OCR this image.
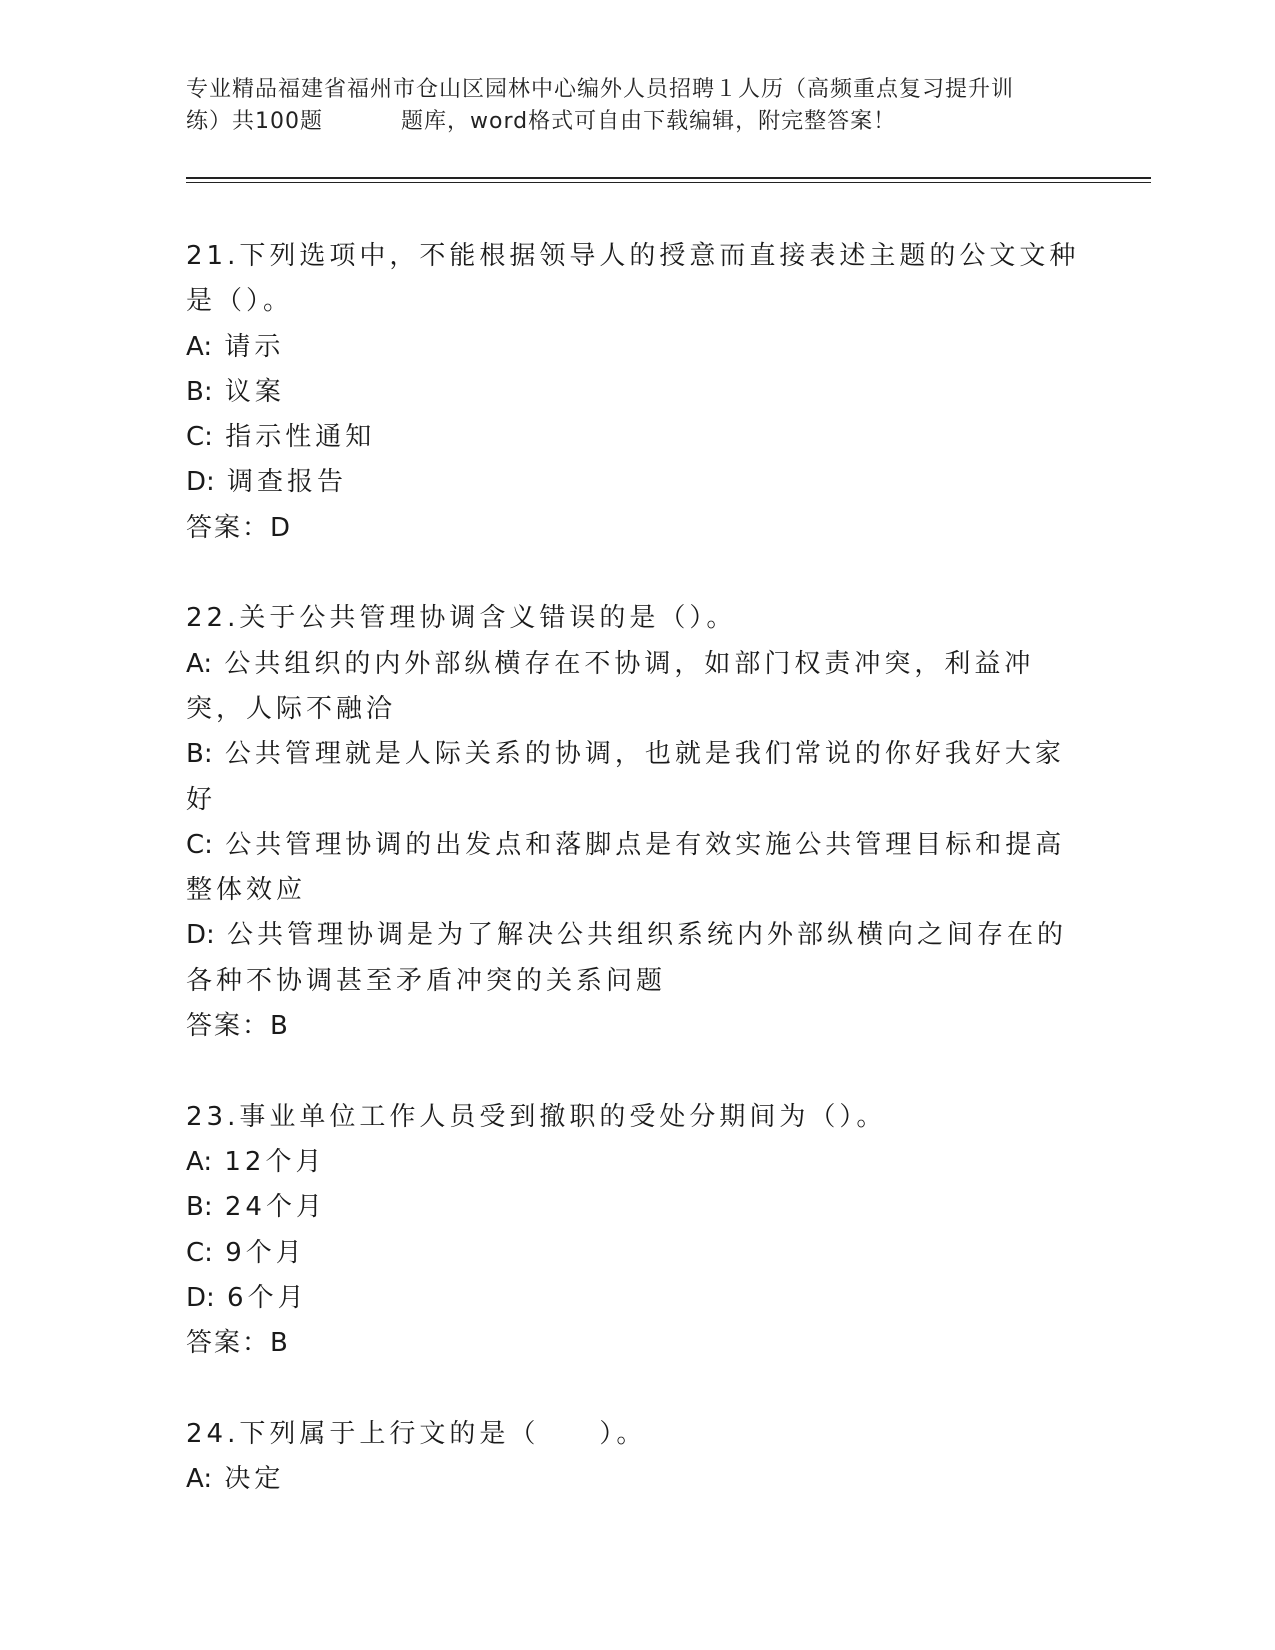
专业精品福建省福州市仓山区园林中心编外人员招聘１人历（高频重点复习提升训
练）共100题	题库，word格式可自由下载编辑，附完整答案！
21.下列选项中，不能根据领导人的授意而直接表述主题的公文文种是（）。
A: 请示
B: 议案
C: 指示性通知
D: 调查报告
答案：D
22.关于公共管理协调含义错误的是（）。
A: 公共组织的内外部纵横存在不协调，如部门权责冲突，利益冲突，人际不融洽
B: 公共管理就是人际关系的协调，也就是我们常说的你好我好大家好
C: 公共管理协调的出发点和落脚点是有效实施公共管理目标和提高整体效应
D: 公共管理协调是为了解决公共组织系统内外部纵横向之间存在的各种不协调甚至矛盾冲突的关系问题
答案：B
23.事业单位工作人员受到撤职的受处分期间为（）。
A: 12个月
B: 24个月
C: 9个月
D: 6个月
答案：B
24.下列属于上行文的是（　　）。
A: 决定
